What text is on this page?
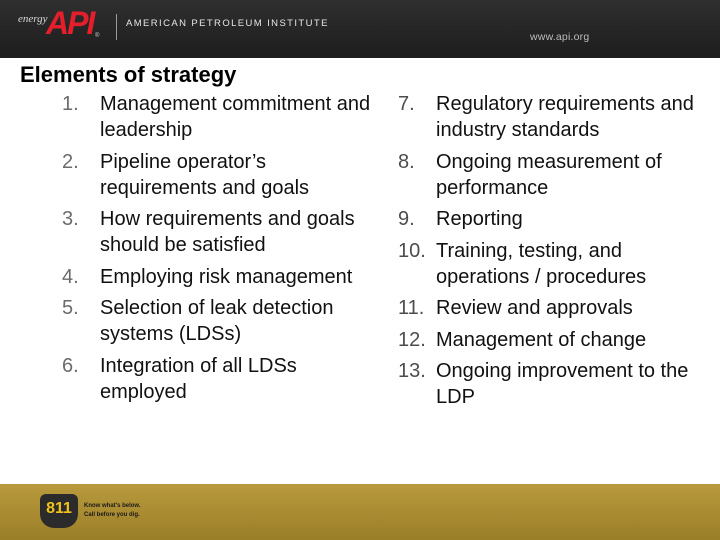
energy
API ®
AMERICAN PETROLEUM INSTITUTE
www.api.org
Elements of strategy
1. Management commitment and leadership
2. Pipeline operator’s requirements and goals
3. How requirements and goals should be satisfied
4. Employing risk management
5. Selection of leak detection systems (LDSs)
6. Integration of all LDSs employed
7. Regulatory requirements and industry standards
8. Ongoing measurement of performance
9. Reporting
10. Training, testing, and operations / procedures
11. Review and approvals
12. Management of change
13. Ongoing improvement to the LDP
811	Know what's below.
Call before you dig.
